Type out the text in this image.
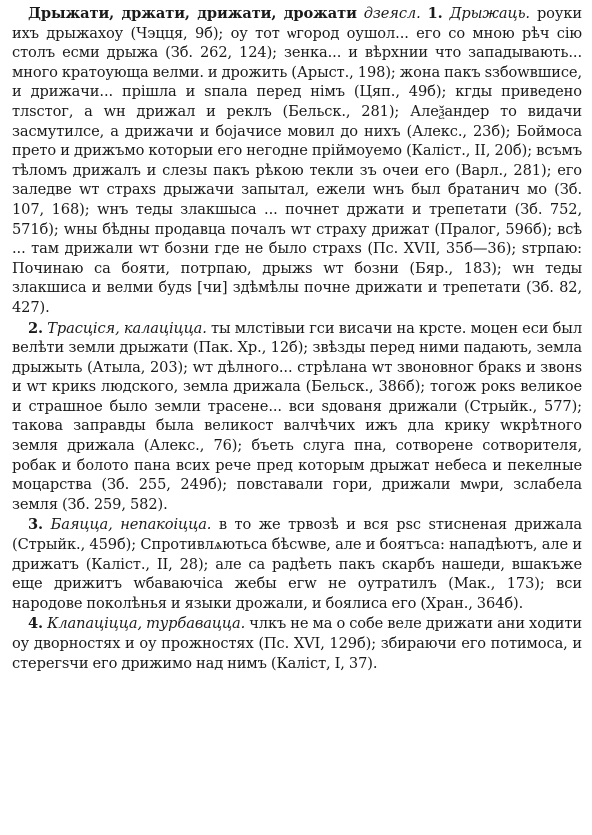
Дрыжати, држати, дрижати, дрожати дзеясл. 1. Дрыжаць. роуки ихъ дрыжахоу (Чэцця, 9б); оу тот ѡгород оушол... его со мною рѣч сію столъ есми дрыжа (Зб. 262, 124); зенка... и вѣрхнии что западывають... много кратоующа велми. и дрожить (Арыст., 198); жона пакъ ѕзбоwвшисе, и дрижачи... прішла и ѕпала перед німъ (Цяп., 49б); кгды приведено тлѕстог, а wн дрижал и реклъ (Бельск., 281); Алеѯандер то видачи засмутилсе, а дрижачи и бојачисе мовил до нихъ (Алекс., 23б); Боймоса прето и дрижъмо которыи его негодне пріймоуемо (Каліст., II, 20б); всъмъ тѣломъ дрижалъ и слезы пакъ рѣкою текли зъ очеи его (Варл., 281); его заледве wт страхѕ дрыжачи запытал, ежели wнъ был братанич мо (Зб. 107, 168); wнъ теды злакшыса ... почнет држати и трепетати (Зб. 752, 571б); wны бѣдны продавца почалъ wт страху дрижат (Пралог, 596б); всѣ ... там дрижали wт бозни где не было страхѕ (Пс. XVII, 35б—36); ѕтрпаю: Починаю са бояти, потрпаю, дрыжѕ wт бозни (Бяр., 183); wн теды злакшиса и велми будѕ [чи] здѣмѣлы почне дрижати и трепетати (Зб. 82, 427).

2. Трасціся, калаціцца. ты млстівыи гси висачи на крсте. моцен еси был велѣти земли дрыжати (Пак. Хр., 12б); звѣзды перед ними падають, земла дрыжыть (Атыла, 203); wт дѣлного... стрѣлана wт звоновног бракѕ и звонѕ и wт крикѕ людского, земла дрижала (Бельск., 386б); тогож рокѕ великое и страшное было земли трасене... вси ѕдованя дрижали (Стрыйк., 577); такова заправды была великост валчѣчих ижъ дла крику wкрѣтного земля дрижала (Алекс., 76); бъеть слуга пна, сотворене сотворителя, робак и болото пана всих рече пред которым дрыжат небеса и пекелные моцарства (Зб. 255, 249б); повставали гори, дрижали мѡри, зслабела земля (Зб. 259, 582).

3. Баяцца, непакоіцца. в то же трвозѣ и вся рѕс ѕтисненая дрижала (Стрыйк., 459б); Спротивлѧютьса бѣсwве, але и боятъса: нападѣютъ, але и дрижатъ (Каліст., II, 28); але са радѣеть пакъ скарбъ нашеди, вшакъже еще дрижитъ wбаваючіса жебы егw не оутратилъ (Мак., 173); вси народове поколѣнья и языки дрожали, и боялиса его (Хран., 364б).

4. Клапаціцца, турбавацца. члкъ не ма о собе веле дрижати ани ходити оу дворностях и оу прожностях (Пс. XVI, 129б); збираючи его потимоса, и стерегѕчи его дрижимо над нимъ (Каліст, I, 37).
